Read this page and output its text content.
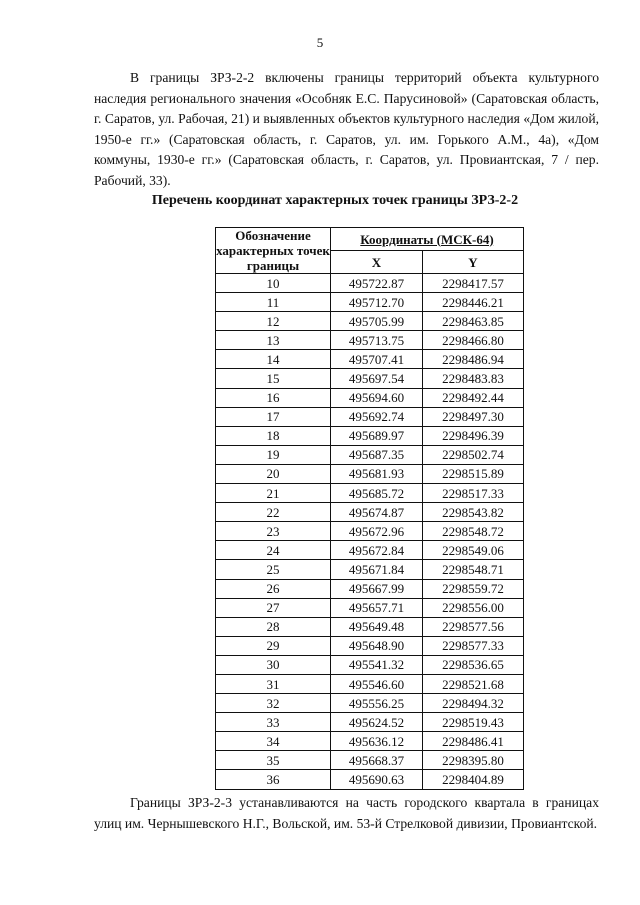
5

В границы ЗРЗ-2-2 включены границы территорий объекта культурного наследия регионального значения «Особняк Е.С. Парусиновой» (Саратовская область, г. Саратов, ул. Рабочая, 21) и выявленных объектов культурного наследия «Дом жилой, 1950-е гг.» (Саратовская область, г. Саратов, ул. им. Горького А.М., 4а), «Дом коммуны, 1930-е гг.» (Саратовская область, г. Саратов, ул. Провиантская, 7 / пер. Рабочий, 33).

Перечень координат характерных точек границы ЗРЗ-2-2
Обозначение характерных точек границы	Координаты (МСК-64)	
	X	Y
10	495722.87	2298417.57
11	495712.70	2298446.21
12	495705.99	2298463.85
13	495713.75	2298466.80
14	495707.41	2298486.94
15	495697.54	2298483.83
16	495694.60	2298492.44
17	495692.74	2298497.30
18	495689.97	2298496.39
19	495687.35	2298502.74
20	495681.93	2298515.89
21	495685.72	2298517.33
22	495674.87	2298543.82
23	495672.96	2298548.72
24	495672.84	2298549.06
25	495671.84	2298548.71
26	495667.99	2298559.72
27	495657.71	2298556.00
28	495649.48	2298577.56
29	495648.90	2298577.33
30	495541.32	2298536.65
31	495546.60	2298521.68
32	495556.25	2298494.32
33	495624.52	2298519.43
34	495636.12	2298486.41
35	495668.37	2298395.80
36	495690.63	2298404.89

Границы ЗРЗ-2-3 устанавливаются на часть городского квартала в границах улиц им. Чернышевского Н.Г., Вольской, им. 53-й Стрелковой дивизии, Провиантской.
